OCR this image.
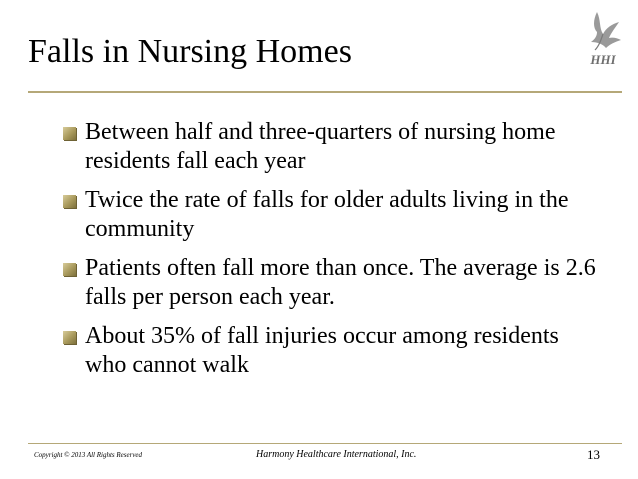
Falls in Nursing Homes	HHI
Between half and three-quarters of nursing home residents fall each year
Twice the rate of falls for older adults living in the community
Patients often fall more than once. The average is 2.6 falls per person each year.
About 35% of fall injuries occur among residents who cannot walk
Copyright © 2013 All Rights Reserved	Harmony Healthcare International, Inc.	13
